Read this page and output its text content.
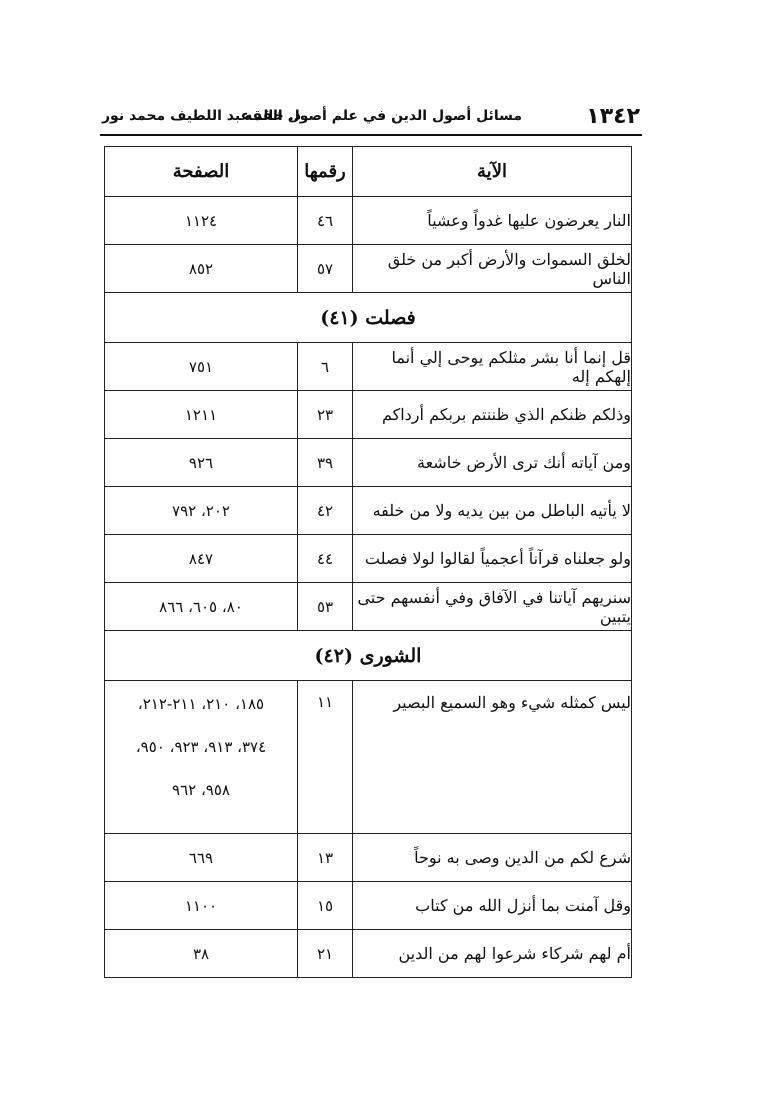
١٣٤٢
مسائل أصول الدين في علم أصول الفقه
د. خالد عبد اللطيف محمد نور
الآية	رقمها	الصفحة
النار يعرضون عليها غدواً وعشياً	٤٦	١١٢٤
لخلق السموات والأرض أكبر من خلق الناس	٥٧	٨٥٢
فصلت (٤١)		
قل إنما أنا بشر مثلكم يوحى إلي أنما إلهكم إله	٦	٧٥١
وذلكم ظنكم الذي ظننتم بربكم أرداكم	٢٣	١٢١١
ومن آياته أنك ترى الأرض خاشعة	٣٩	٩٢٦
لا يأتيه الباطل من بين يديه ولا من خلفه	٤٢	٢٠٢، ٧٩٢
ولو جعلناه قرآناً أعجمياً لقالوا لولا فصلت	٤٤	٨٤٧
سنريهم آياتنا في الآفاق وفي أنفسهم حتى يتبين	٥٣	٨٠، ٦٠٥، ٨٦٦
الشورى (٤٢)		
ليس كمثله شيء وهو السميع البصير	١١	١٨٥، ٢١٠، ٢١١-٢١٢،
٣٧٤، ٩١٣، ٩٢٣، ٩٥٠،
٩٥٨، ٩٦٢

شرع لكم من الدين وصى به نوحاً	١٣	٦٦٩
وقل آمنت بما أنزل الله من كتاب	١٥	١١٠٠
أم لهم شركاء شرعوا لهم من الدين	٢١	٣٨
